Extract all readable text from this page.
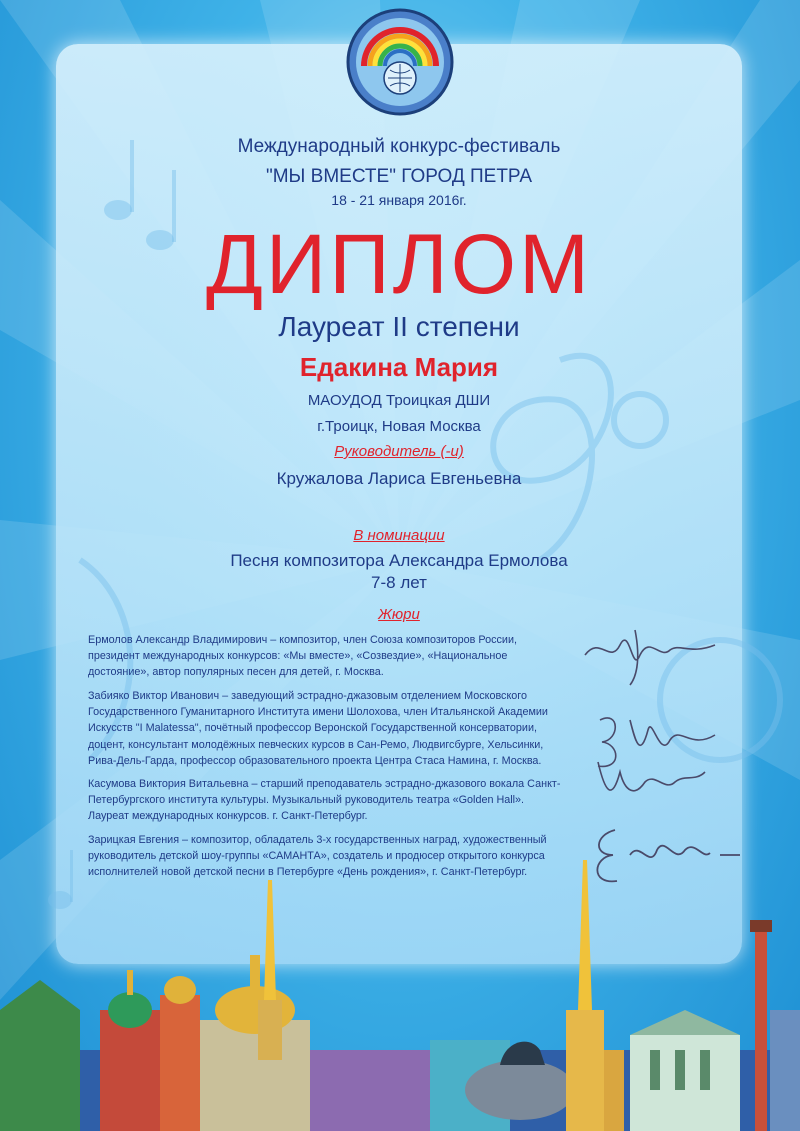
Международный конкурс-фестиваль
"МЫ ВМЕСТЕ" ГОРОД ПЕТРА
18 - 21 января 2016г.
ДИПЛОМ
Лауреат II степени
Едакина Мария
МАОУДОД Троицкая ДШИ
г.Троицк, Новая Москва
Руководитель (-и)
Кружалова Лариса Евгеньевна
В номинации
Песня композитора Александра Ермолова
7-8 лет
Жюри

Ермолов Александр Владимирович – композитор, член Союза композиторов России, президент международных конкурсов: «Мы вместе», «Созвездие», «Национальное достояние», автор популярных песен для детей, г. Москва.

Забияко Виктор Иванович – заведующий эстрадно-джазовым отделением Московского Государственного Гуманитарного Института имени Шолохова, член Итальянской Академии Искусств "I Malatessa", почётный профессор Веронской Государственной консерватории, доцент, консультант молодёжных певческих курсов в Сан-Ремо, Людвигсбурге, Хельсинки, Рива-Дель-Гарда, профессор образовательного проекта Центра Стаса Намина, г. Москва.

Касумова Виктория Витальевна – старший преподаватель эстрадно-джазового вокала Санкт-Петербургского института культуры. Музыкальный руководитель театра «Golden Hall». Лауреат международных конкурсов. г. Санкт-Петербург.

Зарицкая Евгения – композитор, обладатель 3-х государственных наград, художественный руководитель детской шоу-группы «САМАНТА», создатель и продюсер открытого конкурса исполнителей новой детской песни в Петербурге «День рождения», г. Санкт-Петербург.
